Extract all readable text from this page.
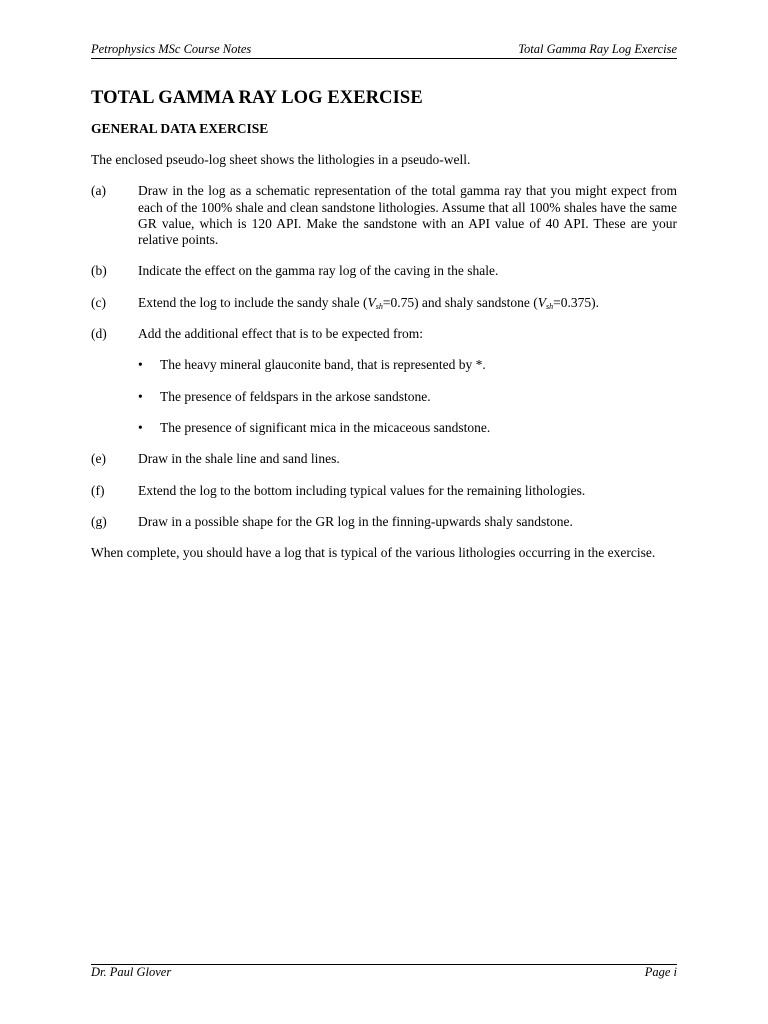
Petrophysics MSc Course Notes	Total Gamma Ray Log Exercise
TOTAL GAMMA RAY LOG EXERCISE
GENERAL DATA EXERCISE

The enclosed pseudo-log sheet shows the lithologies in a pseudo-well.

(a)	Draw in the log as a schematic representation of the total gamma ray that you might expect from each of the 100% shale and clean sandstone lithologies. Assume that all 100% shales have the same GR value, which is 120 API. Make the sandstone with an API value of 40 API. These are your relative points.
(b)	Indicate the effect on the gamma ray log of the caving in the shale.
(c)	Extend the log to include the sandy shale $(V_{sh}=0.75)$ and shaly sandstone $(V_{sh}=0.375)$.
(d)	Add the additional effect that is to be expected from:
•	The heavy mineral glauconite band, that is represented by *.
•	The presence of feldspars in the arkose sandstone.
•	The presence of significant mica in the micaceous sandstone.
(e)	Draw in the shale line and sand lines.
(f)	Extend the log to the bottom including typical values for the remaining lithologies.
(g)	Draw in a possible shape for the GR log in the finning-upwards shaly sandstone.

When complete, you should have a log that is typical of the various lithologies occurring in the exercise.

Dr. Paul Glover	Page i
